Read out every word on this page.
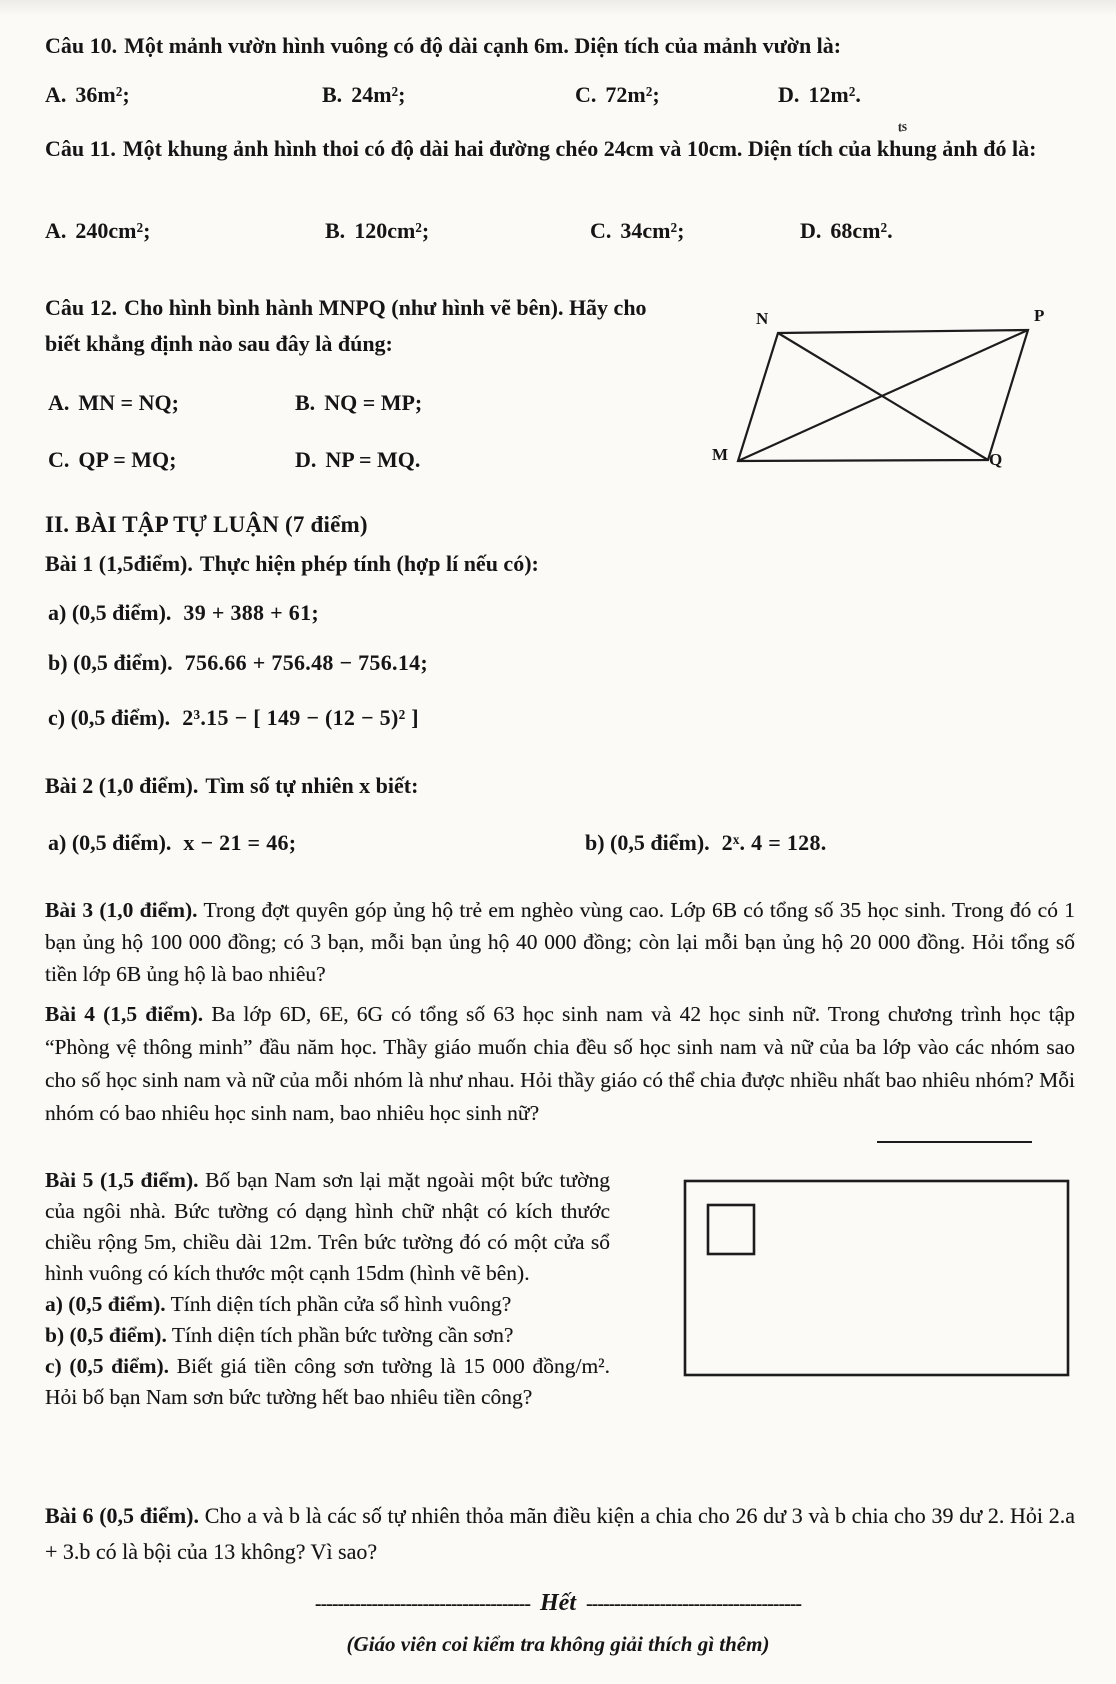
Câu 10. Một mảnh vườn hình vuông có độ dài cạnh 6m. Diện tích của mảnh vườn là:
A. 36m²;	B. 24m²;	C. 72m²;	D. 12m².
Câu 11. Một khung ảnh hình thoi có độ dài hai đường chéo 24cm và 10cm. Diện tích của khung ảnh đó là:
ts
A. 240cm²;	B. 120cm²;	C. 34cm²;	D. 68cm².
Câu 12. Cho hình bình hành MNPQ (như hình vẽ bên). Hãy cho biết khẳng định nào sau đây là đúng:
A. MN = NQ;	B. NQ = MP;
C. QP = MQ;	D. NP = MQ.
N	P
M	Q
II. BÀI TẬP TỰ LUẬN (7 điểm)
Bài 1 (1,5điểm). Thực hiện phép tính (hợp lí nếu có):
a) (0,5 điểm). 39 + 388 + 61;
b) (0,5 điểm). 756.66 + 756.48 − 756.14;
c) (0,5 điểm). 2³.15 − [ 149 − (12 − 5)² ]
Bài 2 (1,0 điểm). Tìm số tự nhiên x biết:
a) (0,5 điểm). x − 21 = 46;	b) (0,5 điểm). 2ˣ. 4 = 128.
Bài 3 (1,0 điểm). Trong đợt quyên góp ủng hộ trẻ em nghèo vùng cao. Lớp 6B có tổng số 35 học sinh. Trong đó có 1 bạn ủng hộ 100 000 đồng; có 3 bạn, mỗi bạn ủng hộ 40 000 đồng; còn lại mỗi bạn ủng hộ 20 000 đồng. Hỏi tổng số tiền lớp 6B ủng hộ là bao nhiêu?
Bài 4 (1,5 điểm). Ba lớp 6D, 6E, 6G có tổng số 63 học sinh nam và 42 học sinh nữ. Trong chương trình học tập “Phòng vệ thông minh” đầu năm học. Thầy giáo muốn chia đều số học sinh nam và nữ của ba lớp vào các nhóm sao cho số học sinh nam và nữ của mỗi nhóm là như nhau. Hỏi thầy giáo có thể chia được nhiều nhất bao nhiêu nhóm? Mỗi nhóm có bao nhiêu học sinh nam, bao nhiêu học sinh nữ?
Bài 5 (1,5 điểm). Bố bạn Nam sơn lại mặt ngoài một bức tường của ngôi nhà. Bức tường có dạng hình chữ nhật có kích thước chiều rộng 5m, chiều dài 12m. Trên bức tường đó có một cửa sổ hình vuông có kích thước một cạnh 15dm (hình vẽ bên).
a) (0,5 điểm). Tính diện tích phần cửa sổ hình vuông?
b) (0,5 điểm). Tính diện tích phần bức tường cần sơn?
c) (0,5 điểm). Biết giá tiền công sơn tường là 15 000 đồng/m². Hỏi bố bạn Nam sơn bức tường hết bao nhiêu tiền công?
Bài 6 (0,5 điểm). Cho a và b là các số tự nhiên thỏa mãn điều kiện a chia cho 26 dư 3 và b chia cho 39 dư 2. Hỏi 2.a + 3.b có là bội của 13 không? Vì sao?
-------------------------------------- Hết --------------------------------------
(Giáo viên coi kiểm tra không giải thích gì thêm)
